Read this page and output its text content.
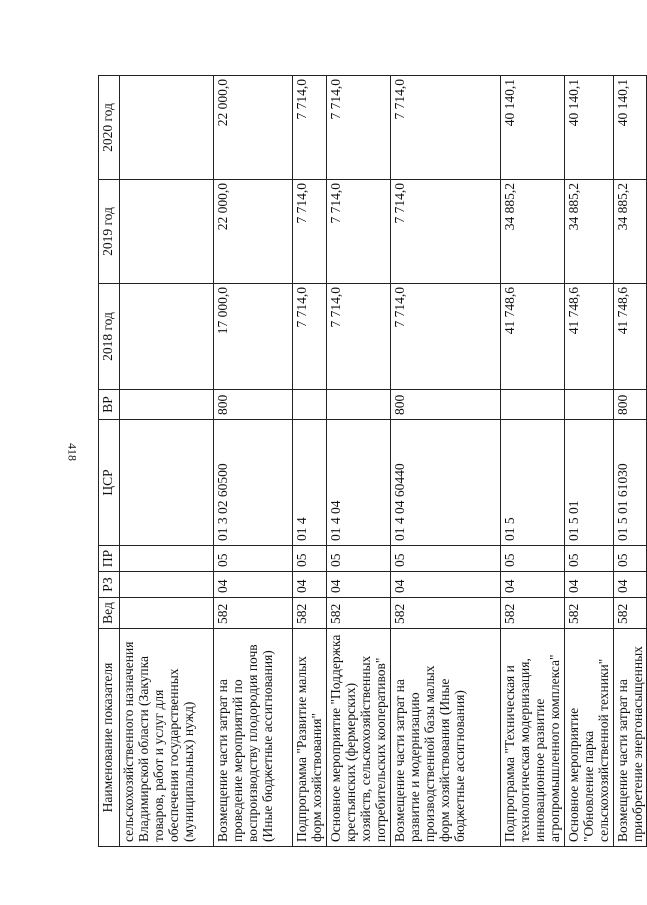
418
Наименование показателя	Вед	РЗ	ПР	ЦСР	ВР	2018 год	2019 год	2020 год
сельскохозяйственного назначения Владимирской области (Закупка товаров, работ и услуг для обеспечения государственных (муниципальных) нужд)								
Возмещение части затрат на проведение мероприятий по воспроизводству плодородия почв (Иные бюджетные ассигнования)	582	04	05	01 3 02 60500	800	17 000,0	22 000,0	22 000,0
Подпрограмма "Развитие малых форм хозяйствования"	582	04	05	01 4		7 714,0	7 714,0	7 714,0
Основное мероприятие "Поддержка крестьянских (фермерских) хозяйств, сельскохозяйственных потребительских кооперативов"	582	04	05	01 4 04		7 714,0	7 714,0	7 714,0
Возмещение части затрат на развитие и модернизацию производственной базы малых форм хозяйствования (Иные бюджетные ассигнования)	582	04	05	01 4 04 60440	800	7 714,0	7 714,0	7 714,0
Подпрограмма "Техническая и технологическая модернизация, инновационное развитие агропромышленного комплекса"	582	04	05	01 5		41 748,6	34 885,2	40 140,1
Основное мероприятие "Обновление парка сельскохозяйственной техники"	582	04	05	01 5 01		41 748,6	34 885,2	40 140,1
Возмещение части затрат на приобретение энергонасыщенных	582	04	05	01 5 01 61030	800	41 748,6	34 885,2	40 140,1
